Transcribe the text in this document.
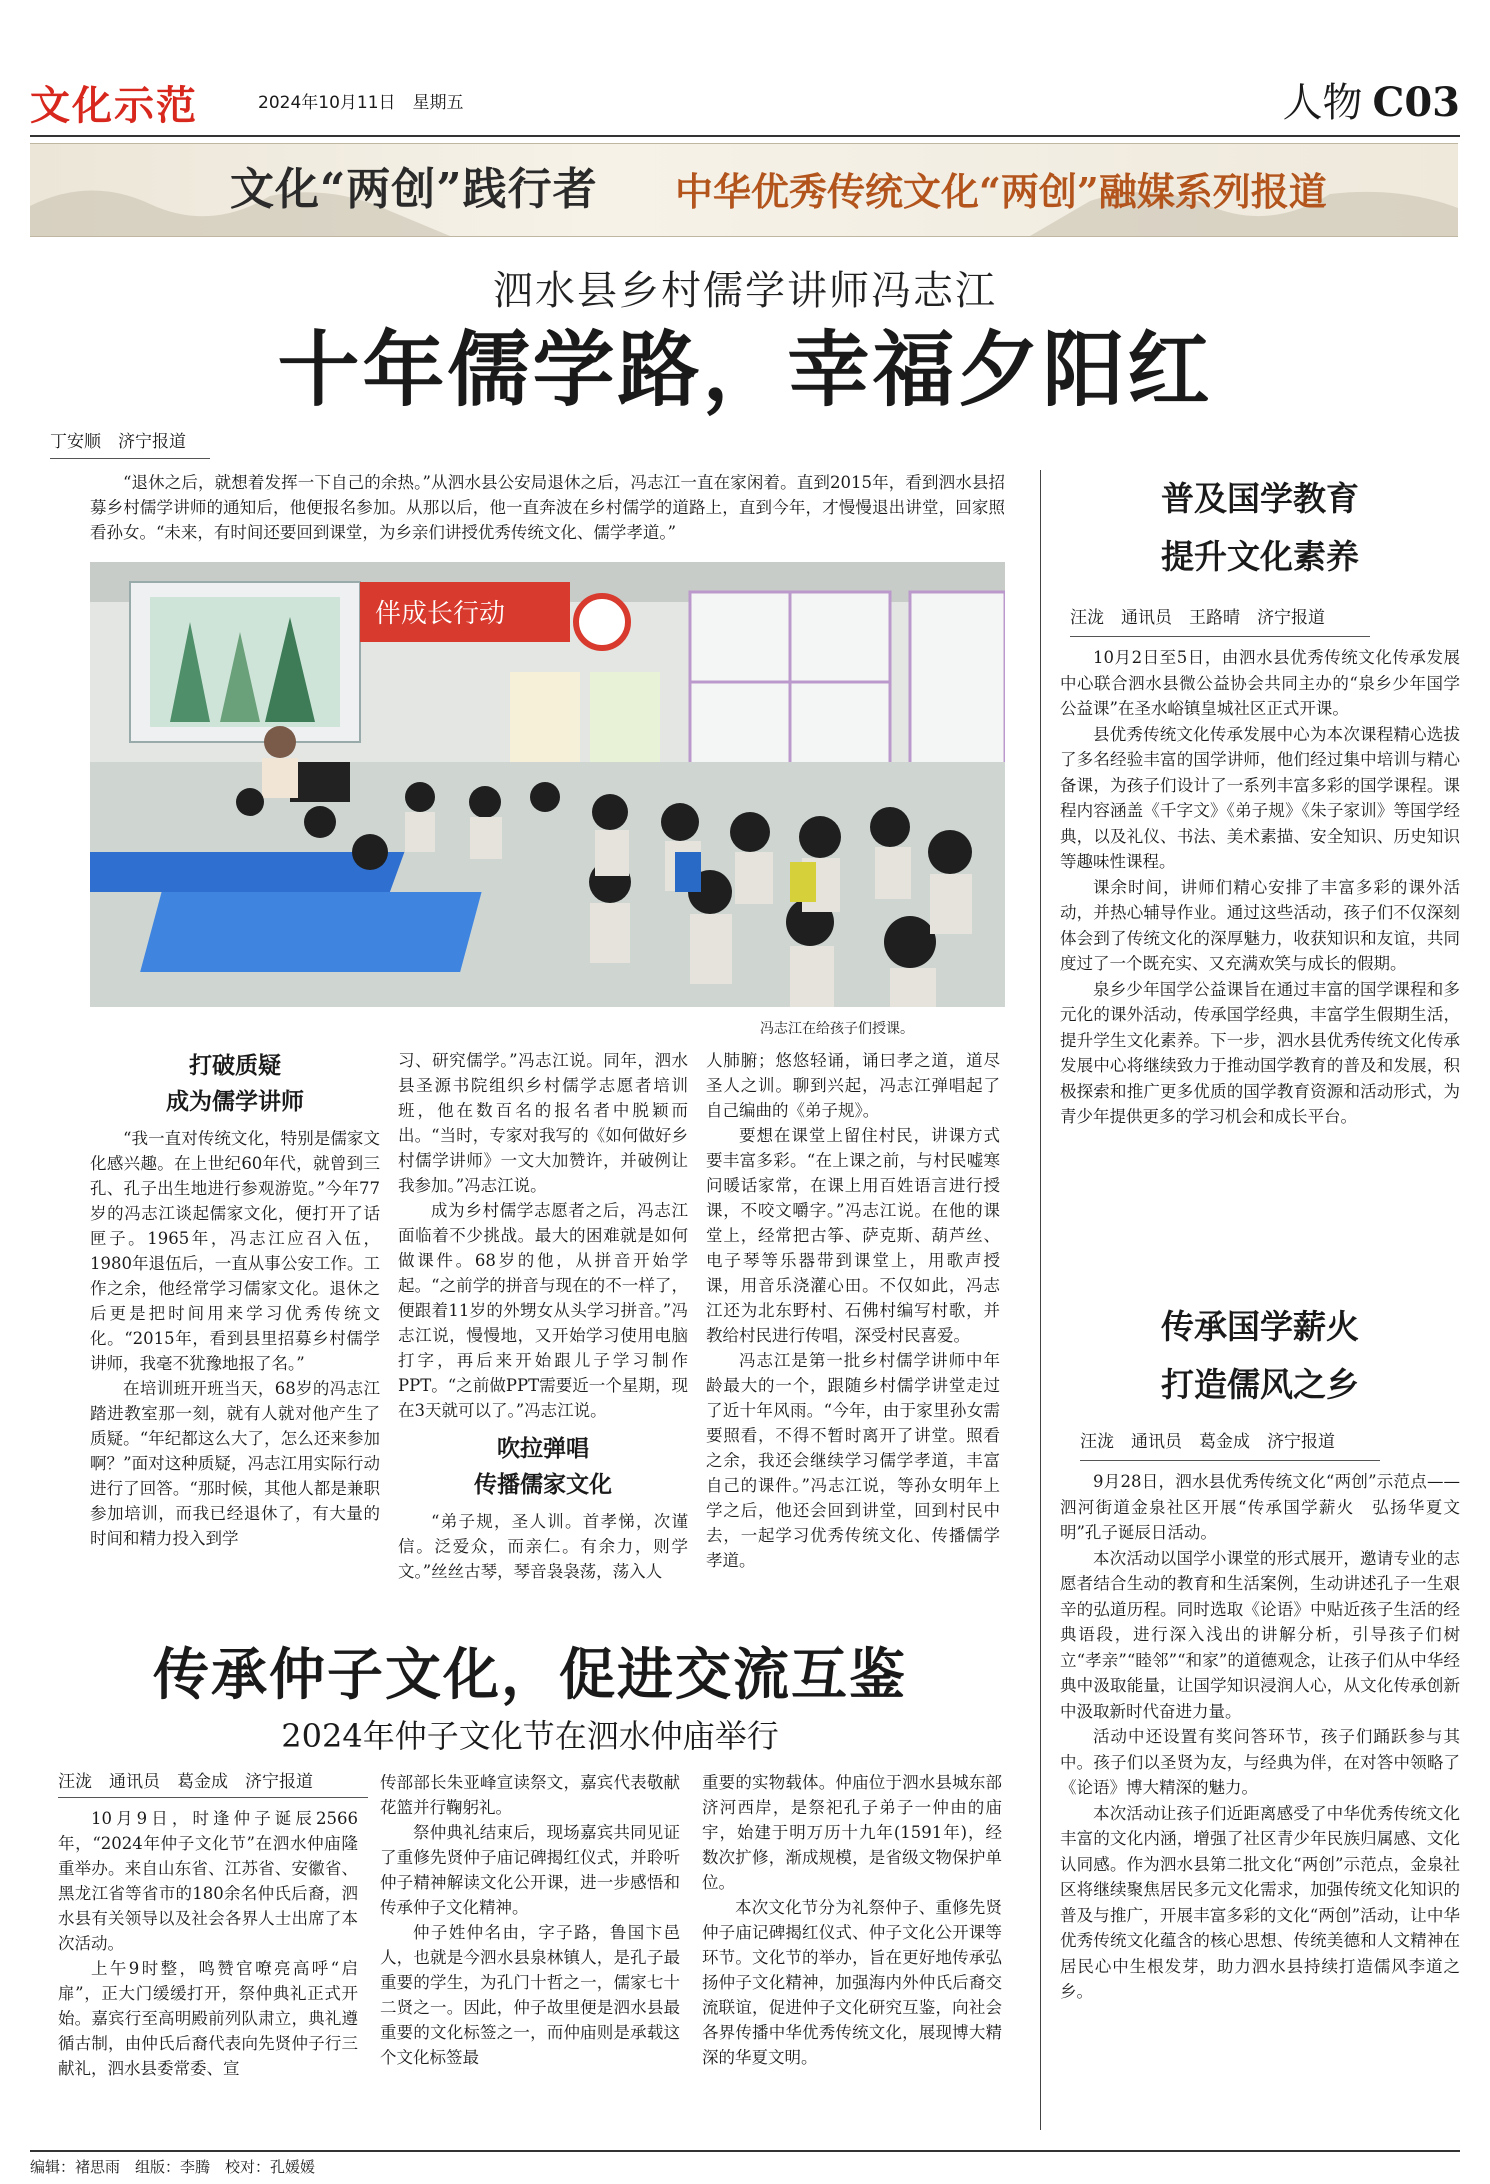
文化示范	2024年10月11日　星期五	人物 C03
文化“两创”践行者 中华优秀传统文化“两创”融媒系列报道
泗水县乡村儒学讲师冯志江
十年儒学路，幸福夕阳红
丁安顺　济宁报道

“退休之后，就想着发挥一下自己的余热。”从泗水县公安局退休之后，冯志江一直在家闲着。直到2015年，看到泗水县招募乡村儒学讲师的通知后，他便报名参加。从那以后，他一直奔波在乡村儒学的道路上，直到今年，才慢慢退出讲堂，回家照看孙女。“未来，有时间还要回到课堂，为乡亲们讲授优秀传统文化、儒学孝道。”

伴成长行动
冯志江在给孩子们授课。
打破质疑
成为儒学讲师

“我一直对传统文化，特别是儒家文化感兴趣。在上世纪60年代，就曾到三孔、孔子出生地进行参观游览。”今年77岁的冯志江谈起儒家文化，便打开了话匣子。1965年，冯志江应召入伍，1980年退伍后，一直从事公安工作。工作之余，他经常学习儒家文化。退休之后更是把时间用来学习优秀传统文化。“2015年，看到县里招募乡村儒学讲师，我毫不犹豫地报了名。”

在培训班开班当天，68岁的冯志江踏进教室那一刻，就有人就对他产生了质疑。“年纪都这么大了，怎么还来参加啊？”面对这种质疑，冯志江用实际行动进行了回答。“那时候，其他人都是兼职参加培训，而我已经退休了，有大量的时间和精力投入到学

习、研究儒学。”冯志江说。同年，泗水县圣源书院组织乡村儒学志愿者培训班，他在数百名的报名者中脱颖而出。“当时，专家对我写的《如何做好乡村儒学讲师》一文大加赞许，并破例让我参加。”冯志江说。

成为乡村儒学志愿者之后，冯志江面临着不少挑战。最大的困难就是如何做课件。68岁的他，从拼音开始学起。“之前学的拼音与现在的不一样了，便跟着11岁的外甥女从头学习拼音。”冯志江说，慢慢地，又开始学习使用电脑打字，再后来开始跟儿子学习制作PPT。“之前做PPT需要近一个星期，现在3天就可以了。”冯志江说。

吹拉弹唱
传播儒家文化

“弟子规，圣人训。首孝悌，次谨信。泛爱众，而亲仁。有余力，则学文。”丝丝古琴，琴音袅袅荡，荡入人

人肺腑；悠悠轻诵，诵曰孝之道，道尽圣人之训。聊到兴起，冯志江弹唱起了自己编曲的《弟子规》。

要想在课堂上留住村民，讲课方式要丰富多彩。“在上课之前，与村民嘘寒问暖话家常，在课上用百姓语言进行授课，不咬文嚼字。”冯志江说。在他的课堂上，经常把古筝、萨克斯、葫芦丝、电子琴等乐器带到课堂上，用歌声授课，用音乐浇灌心田。不仅如此，冯志江还为北东野村、石佛村编写村歌，并教给村民进行传唱，深受村民喜爱。

冯志江是第一批乡村儒学讲师中年龄最大的一个，跟随乡村儒学讲堂走过了近十年风雨。“今年，由于家里孙女需要照看，不得不暂时离开了讲堂。照看之余，我还会继续学习儒学孝道，丰富自己的课件。”冯志江说，等孙女明年上学之后，他还会回到讲堂，回到村民中去，一起学习优秀传统文化、传播儒学孝道。

普及国学教育
提升文化素养
汪泷　通讯员　王路晴　济宁报道

10月2日至5日，由泗水县优秀传统文化传承发展中心联合泗水县微公益协会共同主办的“泉乡少年国学公益课”在圣水峪镇皇城社区正式开课。

县优秀传统文化传承发展中心为本次课程精心选拔了多名经验丰富的国学讲师，他们经过集中培训与精心备课，为孩子们设计了一系列丰富多彩的国学课程。课程内容涵盖《千字文》《弟子规》《朱子家训》等国学经典，以及礼仪、书法、美术素描、安全知识、历史知识等趣味性课程。

课余时间，讲师们精心安排了丰富多彩的课外活动，并热心辅导作业。通过这些活动，孩子们不仅深刻体会到了传统文化的深厚魅力，收获知识和友谊，共同度过了一个既充实、又充满欢笑与成长的假期。

泉乡少年国学公益课旨在通过丰富的国学课程和多元化的课外活动，传承国学经典，丰富学生假期生活，提升学生文化素养。下一步，泗水县优秀传统文化传承发展中心将继续致力于推动国学教育的普及和发展，积极探索和推广更多优质的国学教育资源和活动形式，为青少年提供更多的学习机会和成长平台。

传承国学薪火
打造儒风之乡
汪泷　通讯员　葛金成　济宁报道

9月28日，泗水县优秀传统文化“两创”示范点——泗河街道金泉社区开展“传承国学薪火　弘扬华夏文明”孔子诞辰日活动。

本次活动以国学小课堂的形式展开，邀请专业的志愿者结合生动的教育和生活案例，生动讲述孔子一生艰辛的弘道历程。同时选取《论语》中贴近孩子生活的经典语段，进行深入浅出的讲解分析，引导孩子们树立“孝亲”“睦邻”“和家”的道德观念，让孩子们从中华经典中汲取能量，让国学知识浸润人心，从文化传承创新中汲取新时代奋进力量。

活动中还设置有奖问答环节，孩子们踊跃参与其中。孩子们以圣贤为友，与经典为伴，在对答中领略了《论语》博大精深的魅力。

本次活动让孩子们近距离感受了中华优秀传统文化丰富的文化内涵，增强了社区青少年民族归属感、文化认同感。作为泗水县第二批文化“两创”示范点，金泉社区将继续聚焦居民多元文化需求，加强传统文化知识的普及与推广，开展丰富多彩的文化“两创”活动，让中华优秀传统文化蕴含的核心思想、传统美德和人文精神在居民心中生根发芽，助力泗水县持续打造儒风李道之乡。

传承仲子文化，促进交流互鉴
2024年仲子文化节在泗水仲庙举行
汪泷　通讯员　葛金成　济宁报道

10月9日，时逢仲子诞辰2566年，“2024年仲子文化节”在泗水仲庙隆重举办。来自山东省、江苏省、安徽省、黑龙江省等省市的180余名仲氏后裔，泗水县有关领导以及社会各界人士出席了本次活动。

上午9时整，鸣赞官嘹亮高呼“启扉”，正大门缓缓打开，祭仲典礼正式开始。嘉宾行至高明殿前列队肃立，典礼遵循古制，由仲氏后裔代表向先贤仲子行三献礼，泗水县委常委、宣

传部部长朱亚峰宣读祭文，嘉宾代表敬献花篮并行鞠躬礼。

祭仲典礼结束后，现场嘉宾共同见证了重修先贤仲子庙记碑揭红仪式，并聆听仲子精神解读文化公开课，进一步感悟和传承仲子文化精神。

仲子姓仲名由，字子路，鲁国卞邑人，也就是今泗水县泉林镇人，是孔子最重要的学生，为孔门十哲之一，儒家七十二贤之一。因此，仲子故里便是泗水县最重要的文化标签之一，而仲庙则是承载这个文化标签最

重要的实物载体。仲庙位于泗水县城东部济河西岸，是祭祀孔子弟子一仲由的庙宇，始建于明万历十九年(1591年)，经数次扩修，渐成规模，是省级文物保护单位。

本次文化节分为礼祭仲子、重修先贤仲子庙记碑揭红仪式、仲子文化公开课等环节。文化节的举办，旨在更好地传承弘扬仲子文化精神，加强海内外仲氏后裔交流联谊，促进仲子文化研究互鉴，向社会各界传播中华优秀传统文化，展现博大精深的华夏文明。

编辑：褚思雨　组版：李腾　校对：孔媛媛
